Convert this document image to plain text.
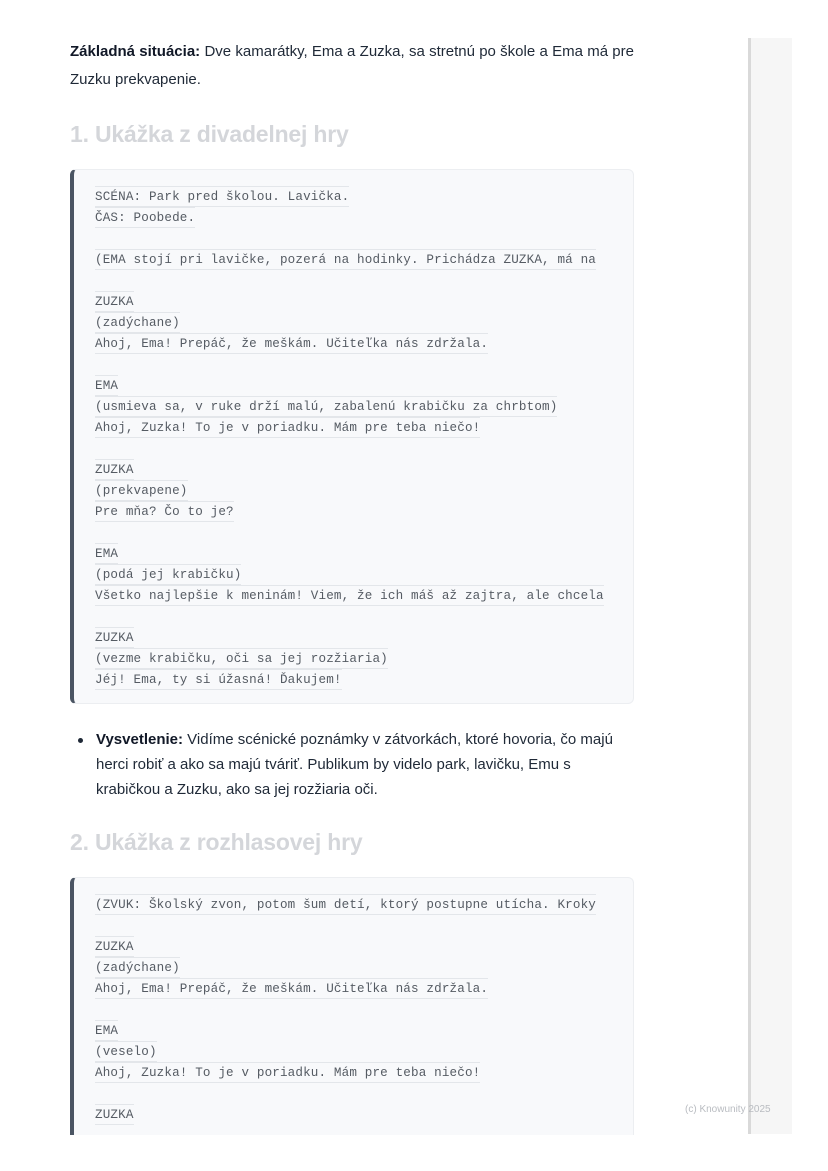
Základná situácia: Dve kamarátky, Ema a Zuzka, sa stretnú po škole a Ema má pre Zuzku prekvapenie.

1. Ukážka z divadelnej hry
SCÉNA: Park pred školou. Lavička.
ČAS: Poobede.
(EMA stojí pri lavičke, pozerá na hodinky. Prichádza ZUZKA, má na
ZUZKA
(zadýchane)
Ahoj, Ema! Prepáč, že meškám. Učiteľka nás zdržala.
EMA
(usmieva sa, v ruke drží malú, zabalenú krabičku za chrbtom)
Ahoj, Zuzka! To je v poriadku. Mám pre teba niečo!
ZUZKA
(prekvapene)
Pre mňa? Čo to je?
EMA
(podá jej krabičku)
Všetko najlepšie k meninám! Viem, že ich máš až zajtra, ale chcela
ZUZKA
(vezme krabičku, oči sa jej rozžiaria)
Jéj! Ema, ty si úžasná! Ďakujem!
Vysvetlenie: Vidíme scénické poznámky v zátvorkách, ktoré hovoria, čo majú herci robiť a ako sa majú tváriť. Publikum by videlo park, lavičku, Emu s krabičkou a Zuzku, ako sa jej rozžiaria oči.
2. Ukážka z rozhlasovej hry
(ZVUK: Školský zvon, potom šum detí, ktorý postupne utícha. Kroky
ZUZKA
(zadýchane)
Ahoj, Ema! Prepáč, že meškám. Učiteľka nás zdržala.
EMA
(veselo)
Ahoj, Zuzka! To je v poriadku. Mám pre teba niečo!
ZUZKA	(c) Knowunity 2025
